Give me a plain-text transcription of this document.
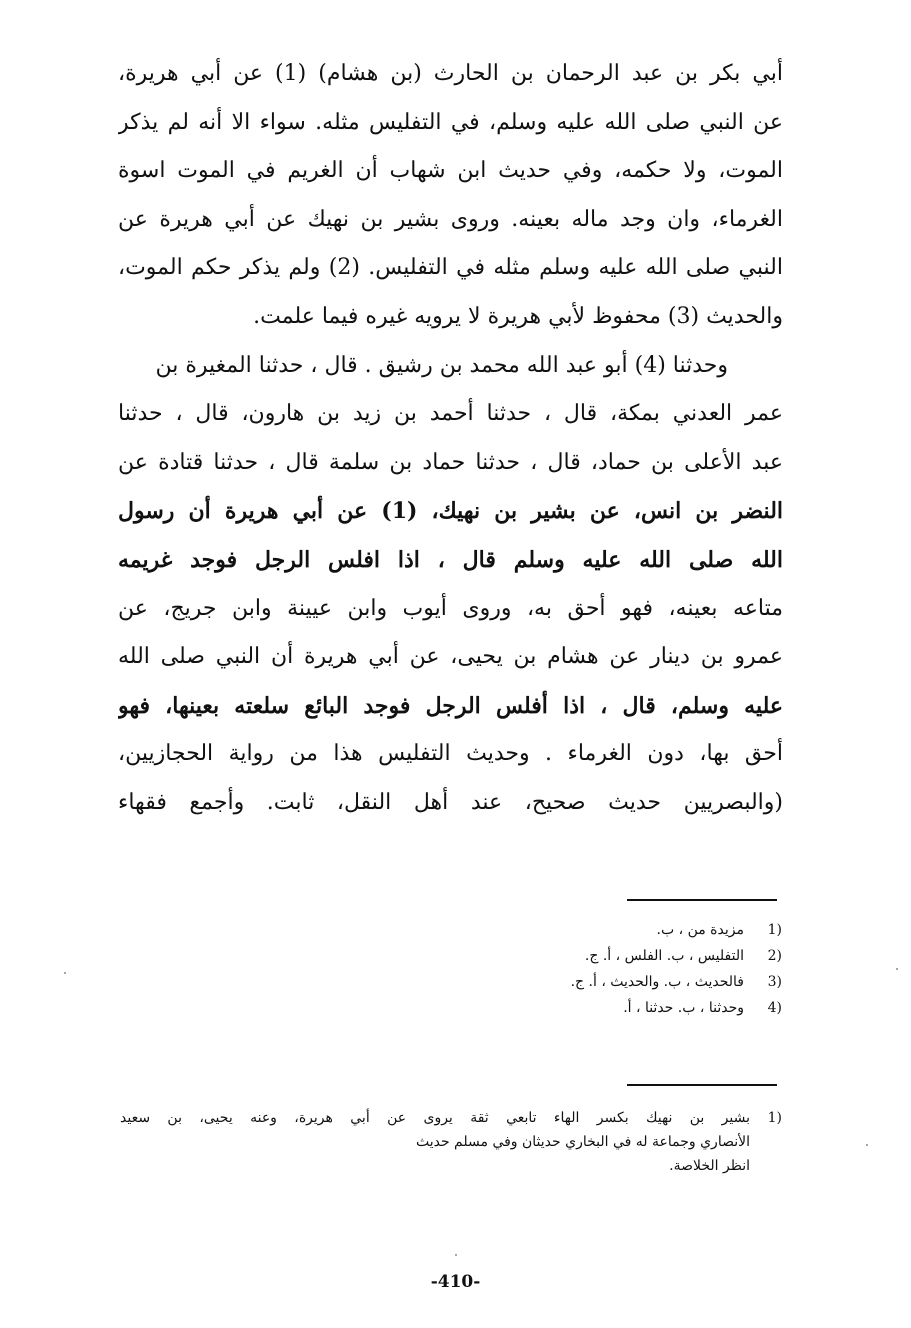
أبي بكر بن عبد الرحمان بن الحارث (بن هشام) (1) عن أبي هريرة،
عن النبي صلى الله عليه وسلم، في التفليس مثله. سواء الا أنه لم يذكر
الموت، ولا حكمه، وفي حديث ابن شهاب أن الغريم في الموت اسوة
الغرماء، وان وجد ماله بعينه. وروى بشير بن نهيك عن أبي هريرة عن
النبي صلى الله عليه وسلم مثله في التفليس. (2) ولم يذكر حكم الموت،
والحديث (3) محفوظ لأبي هريرة لا يرويه غيره فيما علمت.
وحدثنا (4) أبو عبد الله محمد بن رشيق . قال ، حدثنا المغيرة بن
عمر العدني بمكة، قال ، حدثنا أحمد بن زيد بن هارون، قال ، حدثنا
عبد الأعلى بن حماد، قال ، حدثنا حماد بن سلمة قال ، حدثنا قتادة عن
النضر بن انس، عن بشير بن نهيك، (1) عن أبي هريرة أن رسول
الله صلى الله عليه وسلم قال ، اذا افلس الرجل فوجد غريمه
متاعه بعينه، فهو أحق به، وروى أيوب وابن عيينة وابن جريج، عن
عمرو بن دينار عن هشام بن يحيى، عن أبي هريرة أن النبي صلى الله
عليه وسلم، قال ، اذا أفلس الرجل فوجد البائع سلعته بعينها، فهو
أحق بها، دون الغرماء . وحديث التفليس هذا من رواية الحجازيين،
(والبصريين حديث صحيح، عند أهل النقل، ثابت. وأجمع فقهاء
(1
مزيدة من ، ب.
(2
التفليس ، ب. الفلس ، أ. ج.
(3
فالحديث ، ب. والحديث ، أ. ج.
(4
وحدثنا ، ب. حدثنا ، أ.
(1
بشير بن نهيك بكسر الهاء تابعي ثقة يروى عن أبي هريرة، وعنه يحيى، بن سعيد
الأنصاري وجماعة له في البخاري حديثان وفي مسلم حديث
انظر الخلاصة.
-410-
